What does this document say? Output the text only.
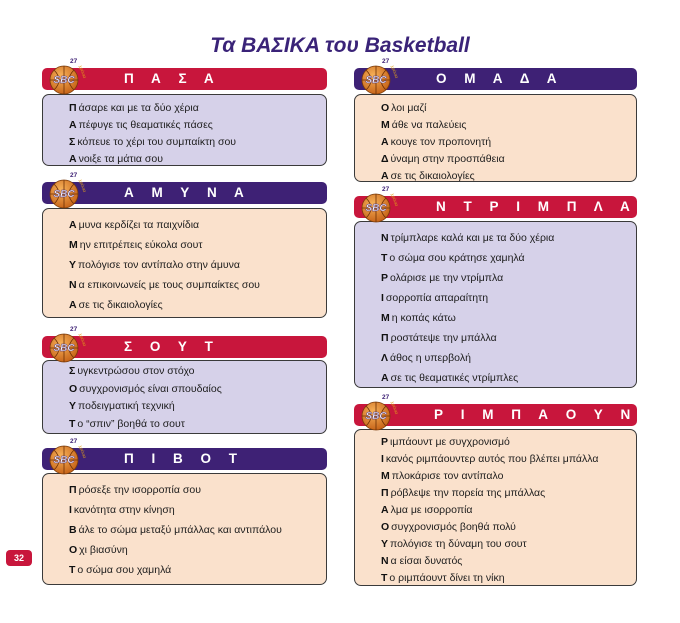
Τα ΒΑΣΙΚΑ του Basketball
Π άσαρε και με τα δύο χέρια
Α πέφυγε τις θεαματικές πάσες
Σ κόπευε το χέρι του συμπαίκτη σου
Α νοιξε τα μάτια σου
Π Α Σ Α
SBC
27
χρόνια
Α μυνα κερδίζει τα παιχνίδια
Μ ην επιτρέπεις εύκολα σουτ
Υ πολόγισε τον αντίπαλο στην άμυνα
Ν α επικοινωνείς με τους συμπαίκτες σου
Α σε τις δικαιολογίες
Α Μ Υ Ν Α
SBC
27
χρόνια
Σ υγκεντρώσου στον στόχο
Ο συγχρονισμός είναι σπουδαίος
Υ ποδειγματική τεχνική
Τ ο “σπιν” βοηθά το σουτ
Σ Ο Υ Τ
SBC
27
χρόνια
Π ρόσεξε την ισορροπία σου
Ι κανότητα στην κίνηση
Β άλε το σώμα μεταξύ μπάλλας και αντιπάλου
Ο χι βιασύνη
Τ ο σώμα σου χαμηλά
Π Ι Β Ο Τ
SBC
27
χρόνια
Ο λοι μαζί
Μ άθε να παλεύεις
Α κουγε τον προπονητή
Δ ύναμη στην προσπάθεια
Α σε τις δικαιολογίες
Ο Μ Α Δ Α
SBC
27
χρόνια
Ν τρίμπλαρε καλά και με τα δύο χέρια
Τ ο σώμα σου κράτησε χαμηλά
Ρ ολάρισε με την ντρίμπλα
Ι σορροπία απαραίτητη
Μ η κοπάς κάτω
Π ροστάτεψε την μπάλλα
Λ άθος η υπερβολή
Α σε τις θεαματικές ντρίμπλες
Ν Τ Ρ Ι Μ Π Λ Α
SBC
27
χρόνια
Ρ ιμπάουντ με συγχρονισμό
Ι κανός ριμπάουντερ αυτός που βλέπει μπάλλα
Μ πλοκάρισε τον αντίπαλο
Π ρόβλεψε την πορεία της μπάλλας
Α λμα με ισορροπία
Ο συγχρονισμός βοηθά πολύ
Υ πολόγισε τη δύναμη του σουτ
Ν α είσαι δυνατός
Τ ο ριμπάουντ δίνει τη νίκη
Ρ Ι Μ Π Α Ο Υ Ν Τ
SBC
27
χρόνια
32
